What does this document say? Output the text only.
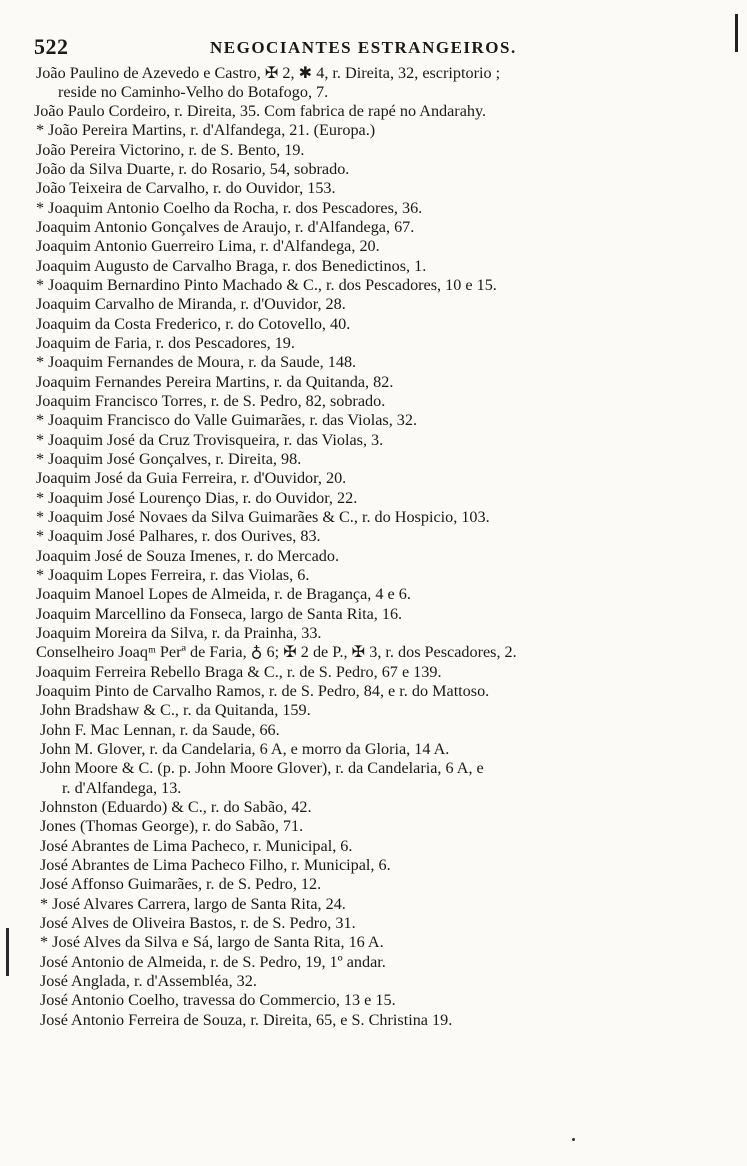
522	NEGOCIANTES ESTRANGEIROS.
João Paulino de Azevedo e Castro, ✠ 2, ✱ 4, r. Direita, 32, escriptorio ;
reside no Caminho-Velho do Botafogo, 7.
João Paulo Cordeiro, r. Direita, 35. Com fabrica de rapé no Andarahy.
* João Pereira Martins, r. d'Alfandega, 21. (Europa.)
João Pereira Victorino, r. de S. Bento, 19.
João da Silva Duarte, r. do Rosario, 54, sobrado.
João Teixeira de Carvalho, r. do Ouvidor, 153.
* Joaquim Antonio Coelho da Rocha, r. dos Pescadores, 36.
Joaquim Antonio Gonçalves de Araujo, r. d'Alfandega, 67.
Joaquim Antonio Guerreiro Lima, r. d'Alfandega, 20.
Joaquim Augusto de Carvalho Braga, r. dos Benedictinos, 1.
* Joaquim Bernardino Pinto Machado & C., r. dos Pescadores, 10 e 15.
Joaquim Carvalho de Miranda, r. d'Ouvidor, 28.
Joaquim da Costa Frederico, r. do Cotovello, 40.
Joaquim de Faria, r. dos Pescadores, 19.
* Joaquim Fernandes de Moura, r. da Saude, 148.
Joaquim Fernandes Pereira Martins, r. da Quitanda, 82.
Joaquim Francisco Torres, r. de S. Pedro, 82, sobrado.
* Joaquim Francisco do Valle Guimarães, r. das Violas, 32.
* Joaquim José da Cruz Trovisqueira, r. das Violas, 3.
* Joaquim José Gonçalves, r. Direita, 98.
Joaquim José da Guia Ferreira, r. d'Ouvidor, 20.
* Joaquim José Lourenço Dias, r. do Ouvidor, 22.
* Joaquim José Novaes da Silva Guimarães & C., r. do Hospicio, 103.
* Joaquim José Palhares, r. dos Ourives, 83.
Joaquim José de Souza Imenes, r. do Mercado.
* Joaquim Lopes Ferreira, r. das Violas, 6.
Joaquim Manoel Lopes de Almeida, r. de Bragança, 4 e 6.
Joaquim Marcellino da Fonseca, largo de Santa Rita, 16.
Joaquim Moreira da Silva, r. da Prainha, 33.
Conselheiro Joaqᵐ Perª de Faria, ♁ 6; ✠ 2 de P., ✠ 3, r. dos Pescadores, 2.
Joaquim Ferreira Rebello Braga & C., r. de S. Pedro, 67 e 139.
Joaquim Pinto de Carvalho Ramos, r. de S. Pedro, 84, e r. do Mattoso.
John Bradshaw & C., r. da Quitanda, 159.
John F. Mac Lennan, r. da Saude, 66.
John M. Glover, r. da Candelaria, 6 A, e morro da Gloria, 14 A.
John Moore & C. (p. p. John Moore Glover), r. da Candelaria, 6 A, e
r. d'Alfandega, 13.
Johnston (Eduardo) & C., r. do Sabão, 42.
Jones (Thomas George), r. do Sabão, 71.
José Abrantes de Lima Pacheco, r. Municipal, 6.
José Abrantes de Lima Pacheco Filho, r. Municipal, 6.
José Affonso Guimarães, r. de S. Pedro, 12.
* José Alvares Carrera, largo de Santa Rita, 24.
José Alves de Oliveira Bastos, r. de S. Pedro, 31.
* José Alves da Silva e Sá, largo de Santa Rita, 16 A.
José Antonio de Almeida, r. de S. Pedro, 19, 1º andar.
José Anglada, r. d'Assembléa, 32.
José Antonio Coelho, travessa do Commercio, 13 e 15.
José Antonio Ferreira de Souza, r. Direita, 65, e S. Christina 19.
